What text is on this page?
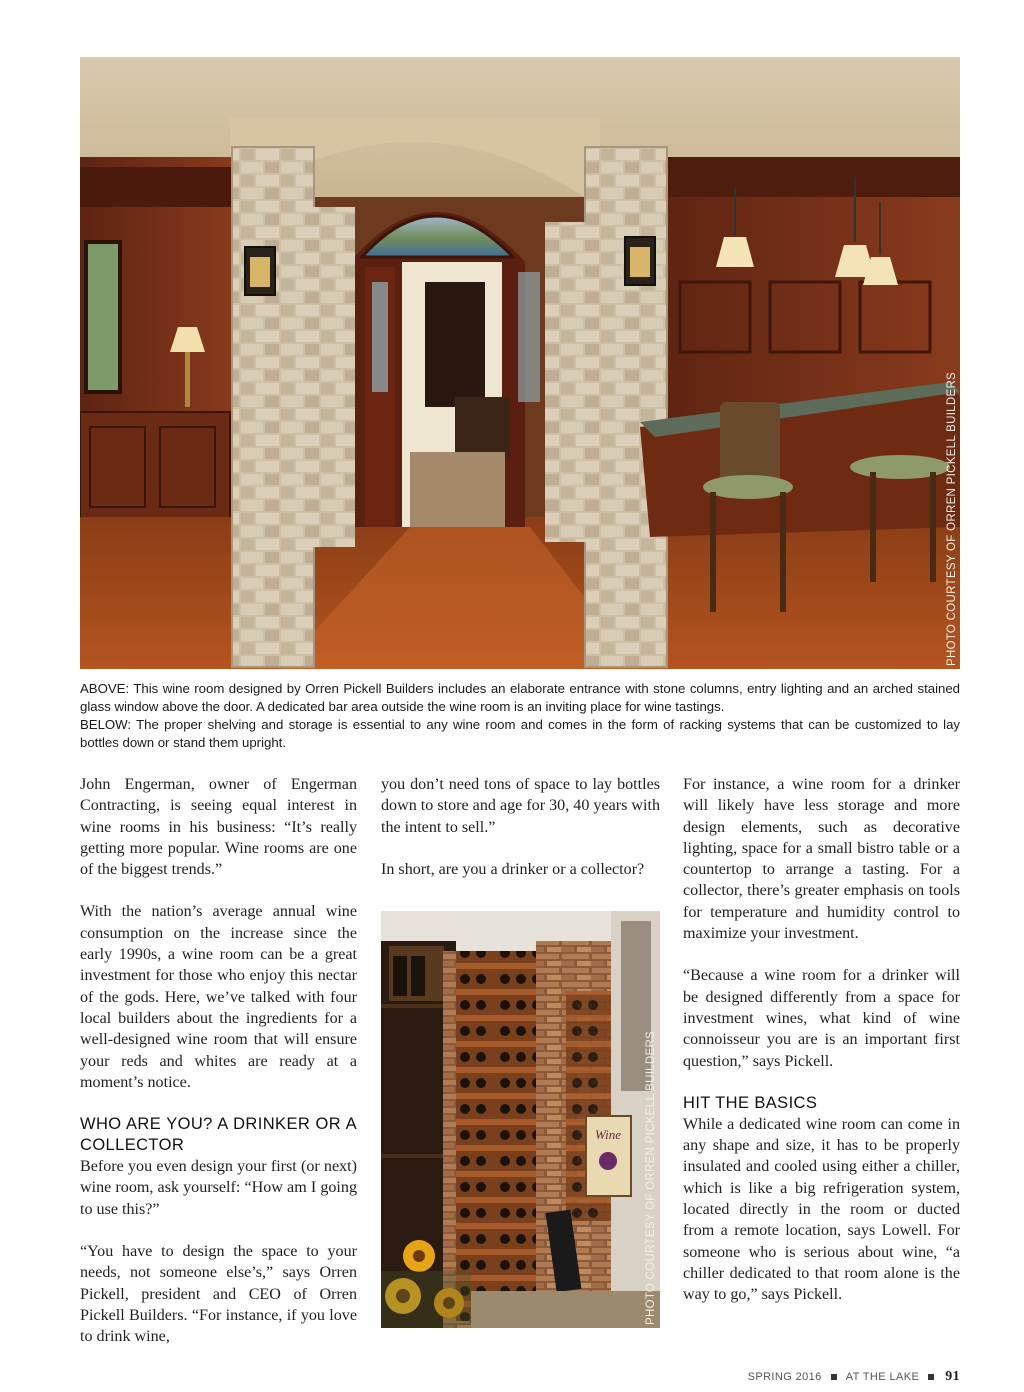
PHOTO COURTESY OF ORREN PICKELL BUILDERS

ABOVE: This wine room designed by Orren Pickell Builders includes an elaborate entrance with stone columns, entry lighting and an arched stained glass window above the door. A dedicated bar area outside the wine room is an inviting place for wine tastings.

BELOW: The proper shelving and storage is essential to any wine room and comes in the form of racking systems that can be customized to lay bottles down or stand them upright.

John Engerman, owner of Engerman Contracting, is seeing equal interest in wine rooms in his business: “It’s really getting more popular. Wine rooms are one of the biggest trends.”

With the nation’s average annual wine consumption on the increase since the early 1990s, a wine room can be a great investment for those who enjoy this nectar of the gods. Here, we’ve talked with four local builders about the ingredients for a well-designed wine room that will ensure your reds and whites are ready at a moment’s notice.

WHO ARE YOU? A DRINKER OR A COLLECTOR

Before you even design your first (or next) wine room, ask yourself: “How am I going to use this?”

“You have to design the space to your needs, not someone else’s,” says Orren Pickell, president and CEO of Orren Pickell Builders. “For instance, if you love to drink wine,

you don’t need tons of space to lay bottles down to store and age for 30, 40 years with the intent to sell.”

In short, are you a drinker or a collector?

Wine PHOTO COURTESY OF ORREN PICKELL BUILDERS

For instance, a wine room for a drinker will likely have less storage and more design elements, such as decorative lighting, space for a small bistro table or a countertop to arrange a tasting. For a collector, there’s greater emphasis on tools for temperature and humidity control to maximize your investment.

“Because a wine room for a drinker will be designed differently from a space for investment wines, what kind of wine connoisseur you are is an important first question,” says Pickell.

HIT THE BASICS

While a dedicated wine room can come in any shape and size, it has to be properly insulated and cooled using either a chiller, which is like a big refrigeration system, located directly in the room or ducted from a remote location, says Lowell. For someone who is serious about wine, “a chiller dedicated to that room alone is the way to go,” says Pickell.

SPRING 2016 AT THE LAKE 91
